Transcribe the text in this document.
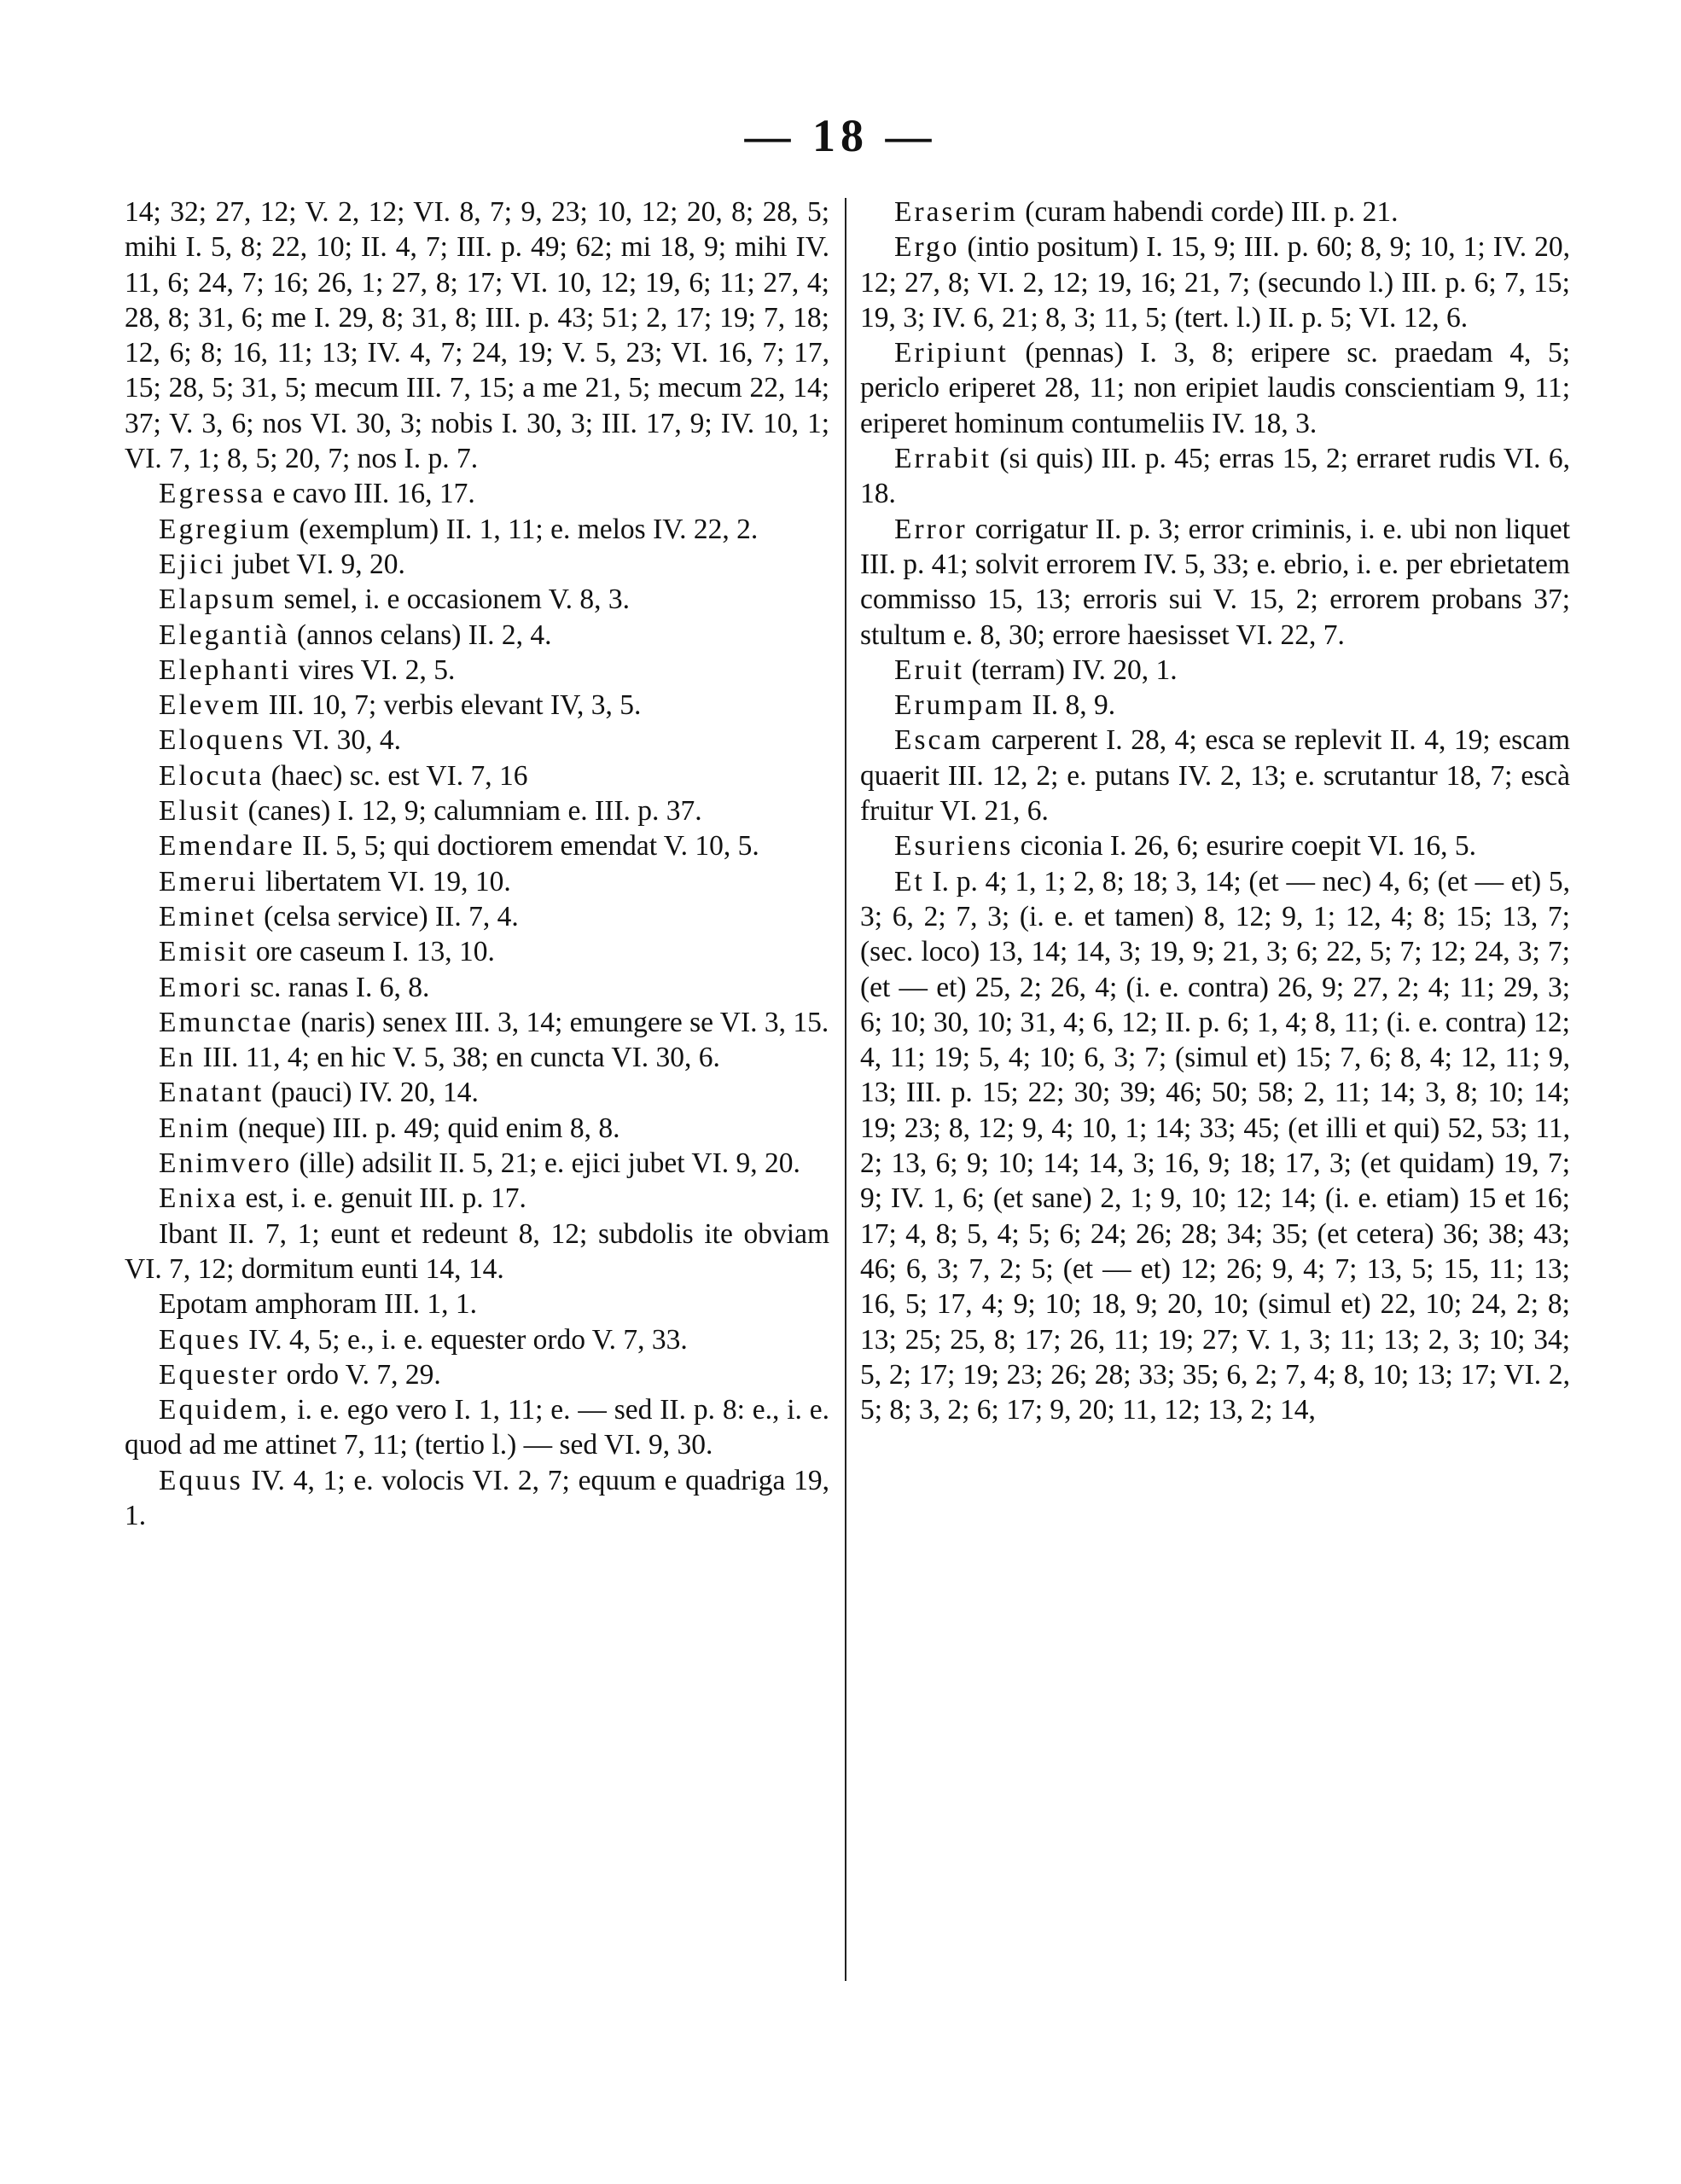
— 18 —

14; 32; 27, 12; V. 2, 12; VI. 8, 7; 9, 23; 10, 12; 20, 8; 28, 5; mihi I. 5, 8; 22, 10; II. 4, 7; III. p. 49; 62; mi 18, 9; mihi IV. 11, 6; 24, 7; 16; 26, 1; 27, 8; 17; VI. 10, 12; 19, 6; 11; 27, 4; 28, 8; 31, 6; me I. 29, 8; 31, 8; III. p. 43; 51; 2, 17; 19; 7, 18; 12, 6; 8; 16, 11; 13; IV. 4, 7; 24, 19; V. 5, 23; VI. 16, 7; 17, 15; 28, 5; 31, 5; mecum III. 7, 15; a me 21, 5; mecum 22, 14; 37; V. 3, 6; nos VI. 30, 3; nobis I. 30, 3; III. 17, 9; IV. 10, 1; VI. 7, 1; 8, 5; 20, 7; nos I. p. 7.

Egressa e cavo III. 16, 17.

Egregium (exemplum) II. 1, 11; e. melos IV. 22, 2.

Ejici jubet VI. 9, 20.

Elapsum semel, i. e occasionem V. 8, 3.

Elegantià (annos celans) II. 2, 4.

Elephanti vires VI. 2, 5.

Elevem III. 10, 7; verbis elevant IV, 3, 5.

Eloquens VI. 30, 4.

Elocuta (haec) sc. est VI. 7, 16

Elusit (canes) I. 12, 9; calumniam e. III. p. 37.

Emendare II. 5, 5; qui doctiorem emendat V. 10, 5.

Emerui libertatem VI. 19, 10.

Eminet (celsa service) II. 7, 4.

Emisit ore caseum I. 13, 10.

Emori sc. ranas I. 6, 8.

Emunctae (naris) senex III. 3, 14; emungere se VI. 3, 15.

En III. 11, 4; en hic V. 5, 38; en cuncta VI. 30, 6.

Enatant (pauci) IV. 20, 14.

Enim (neque) III. p. 49; quid enim 8, 8.

Enimvero (ille) adsilit II. 5, 21; e. ejici jubet VI. 9, 20.

Enixa est, i. e. genuit III. p. 17.

Ibant II. 7, 1; eunt et redeunt 8, 12; subdolis ite obviam VI. 7, 12; dormitum eunti 14, 14.

Epotam amphoram III. 1, 1.

Eques IV. 4, 5; e., i. e. equester ordo V. 7, 33.

Equester ordo V. 7, 29.

Equidem, i. e. ego vero I. 1, 11; e. — sed II. p. 8: e., i. e. quod ad me attinet 7, 11; (tertio l.) — sed VI. 9, 30.

Equus IV. 4, 1; e. volocis VI. 2, 7; equum e quadriga 19, 1.

Eraserim (curam habendi corde) III. p. 21.

Ergo (intio positum) I. 15, 9; III. p. 60; 8, 9; 10, 1; IV. 20, 12; 27, 8; VI. 2, 12; 19, 16; 21, 7; (secundo l.) III. p. 6; 7, 15; 19, 3; IV. 6, 21; 8, 3; 11, 5; (tert. l.) II. p. 5; VI. 12, 6.

Eripiunt (pennas) I. 3, 8; eripere sc. praedam 4, 5; periclo eriperet 28, 11; non eripiet laudis conscientiam 9, 11; eriperet hominum contumeliis IV. 18, 3.

Errabit (si quis) III. p. 45; erras 15, 2; erraret rudis VI. 6, 18.

Error corrigatur II. p. 3; error criminis, i. e. ubi non liquet III. p. 41; solvit errorem IV. 5, 33; e. ebrio, i. e. per ebrietatem commisso 15, 13; erroris sui V. 15, 2; errorem probans 37; stultum e. 8, 30; errore haesisset VI. 22, 7.

Eruit (terram) IV. 20, 1.

Erumpam II. 8, 9.

Escam carperent I. 28, 4; esca se replevit II. 4, 19; escam quaerit III. 12, 2; e. putans IV. 2, 13; e. scrutantur 18, 7; escà fruitur VI. 21, 6.

Esuriens ciconia I. 26, 6; esurire coepit VI. 16, 5.

Et I. p. 4; 1, 1; 2, 8; 18; 3, 14; (et — nec) 4, 6; (et — et) 5, 3; 6, 2; 7, 3; (i. e. et tamen) 8, 12; 9, 1; 12, 4; 8; 15; 13, 7; (sec. loco) 13, 14; 14, 3; 19, 9; 21, 3; 6; 22, 5; 7; 12; 24, 3; 7; (et — et) 25, 2; 26, 4; (i. e. contra) 26, 9; 27, 2; 4; 11; 29, 3; 6; 10; 30, 10; 31, 4; 6, 12; II. p. 6; 1, 4; 8, 11; (i. e. contra) 12; 4, 11; 19; 5, 4; 10; 6, 3; 7; (simul et) 15; 7, 6; 8, 4; 12, 11; 9, 13; III. p. 15; 22; 30; 39; 46; 50; 58; 2, 11; 14; 3, 8; 10; 14; 19; 23; 8, 12; 9, 4; 10, 1; 14; 33; 45; (et illi et qui) 52, 53; 11, 2; 13, 6; 9; 10; 14; 14, 3; 16, 9; 18; 17, 3; (et quidam) 19, 7; 9; IV. 1, 6; (et sane) 2, 1; 9, 10; 12; 14; (i. e. etiam) 15 et 16; 17; 4, 8; 5, 4; 5; 6; 24; 26; 28; 34; 35; (et cetera) 36; 38; 43; 46; 6, 3; 7, 2; 5; (et — et) 12; 26; 9, 4; 7; 13, 5; 15, 11; 13; 16, 5; 17, 4; 9; 10; 18, 9; 20, 10; (simul et) 22, 10; 24, 2; 8; 13; 25; 25, 8; 17; 26, 11; 19; 27; V. 1, 3; 11; 13; 2, 3; 10; 34; 5, 2; 17; 19; 23; 26; 28; 33; 35; 6, 2; 7, 4; 8, 10; 13; 17; VI. 2, 5; 8; 3, 2; 6; 17; 9, 20; 11, 12; 13, 2; 14,
